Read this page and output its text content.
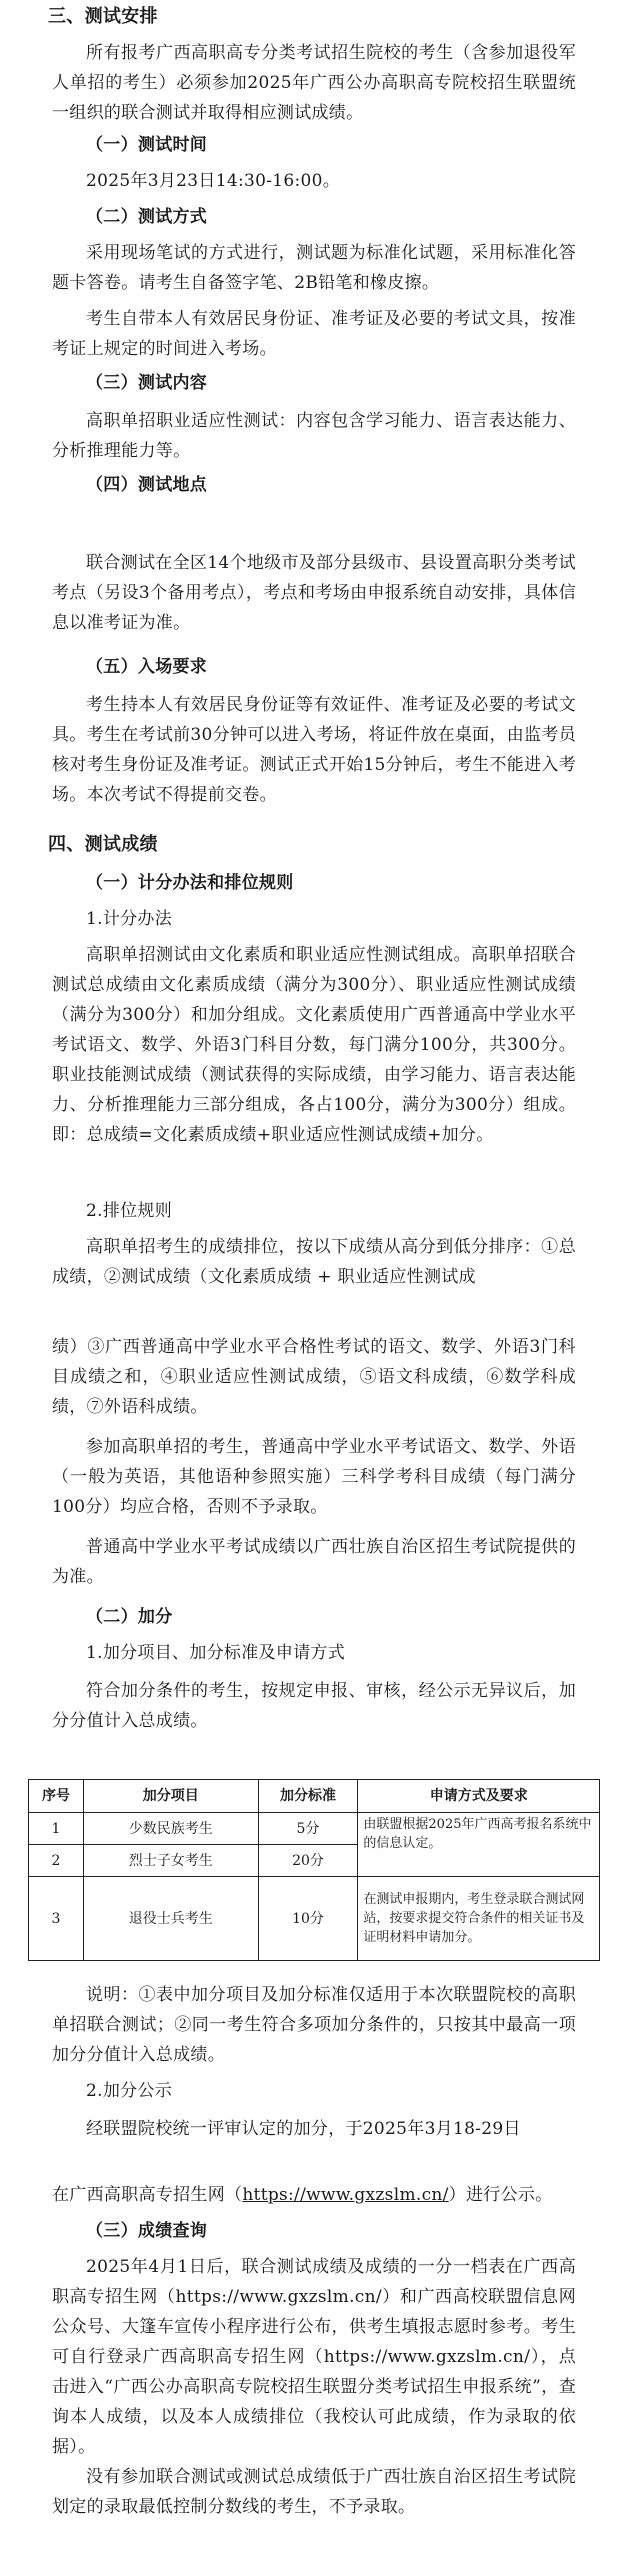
三、测试安排

所有报考广西高职高专分类考试招生院校的考生（含参加退役军人单招的考生）必须参加2025年广西公办高职高专院校招生联盟统一组织的联合测试并取得相应测试成绩。

（一）测试时间

2025年3月23日14:30-16:00。

（二）测试方式

采用现场笔试的方式进行，测试题为标准化试题，采用标准化答题卡答卷。请考生自备签字笔、2B铅笔和橡皮擦。

考生自带本人有效居民身份证、准考证及必要的考试文具，按准考证上规定的时间进入考场。

（三）测试内容

高职单招职业适应性测试：内容包含学习能力、语言表达能力、分析推理能力等。

（四）测试地点

联合测试在全区14个地级市及部分县级市、县设置高职分类考试考点（另设3个备用考点），考点和考场由申报系统自动安排，具体信息以准考证为准。

（五）入场要求

考生持本人有效居民身份证等有效证件、准考证及必要的考试文具。考生在考试前30分钟可以进入考场，将证件放在桌面，由监考员核对考生身份证及准考证。测试正式开始15分钟后，考生不能进入考场。本次考试不得提前交卷。

四、测试成绩

（一）计分办法和排位规则

1.计分办法

高职单招测试由文化素质和职业适应性测试组成。高职单招联合测试总成绩由文化素质成绩（满分为300分）、职业适应性测试成绩（满分为300分）和加分组成。文化素质使用广西普通高中学业水平考试语文、数学、外语3门科目分数，每门满分100分，共300分。职业技能测试成绩（测试获得的实际成绩，由学习能力、语言表达能力、分析推理能力三部分组成，各占100分，满分为300分）组成。即：总成绩=文化素质成绩+职业适应性测试成绩+加分。

2.排位规则

高职单招考生的成绩排位，按以下成绩从高分到低分排序：①总成绩，②测试成绩（文化素质成绩 + 职业适应性测试成

绩）③广西普通高中学业水平合格性考试的语文、数学、外语3门科目成绩之和，④职业适应性测试成绩，⑤语文科成绩，⑥数学科成绩，⑦外语科成绩。

参加高职单招的考生，普通高中学业水平考试语文、数学、外语（一般为英语，其他语种参照实施）三科学考科目成绩（每门满分100分）均应合格，否则不予录取。

普通高中学业水平考试成绩以广西壮族自治区招生考试院提供的为准。

（二）加分

1.加分项目、加分标准及申请方式

符合加分条件的考生，按规定申报、审核，经公示无异议后，加分分值计入总成绩。

序号	加分项目	加分标准	申请方式及要求
1	少数民族考生	5分	由联盟根据2025年广西高考报名系统中的信息认定。
2	烈士子女考生	20分	
3	退役士兵考生	10分	在测试申报期内，考生登录联合测试网站，按要求提交符合条件的相关证书及证明材料申请加分。

说明：①表中加分项目及加分标准仅适用于本次联盟院校的高职单招联合测试；②同一考生符合多项加分条件的，只按其中最高一项加分分值计入总成绩。

2.加分公示

经联盟院校统一评审认定的加分，于2025年3月18-29日

在广西高职高专招生网（https://www.gxzslm.cn/）进行公示。

（三）成绩查询

2025年4月1日后，联合测试成绩及成绩的一分一档表在广西高职高专招生网（https://www.gxzslm.cn/）和广西高校联盟信息网公众号、大篷车宣传小程序进行公布，供考生填报志愿时参考。考生可自行登录广西高职高专招生网（https://www.gxzslm.cn/），点击进入“广西公办高职高专院校招生联盟分类考试招生申报系统”，查询本人成绩，以及本人成绩排位（我校认可此成绩，作为录取的依据）。

没有参加联合测试或测试总成绩低于广西壮族自治区招生考试院划定的录取最低控制分数线的考生，不予录取。
